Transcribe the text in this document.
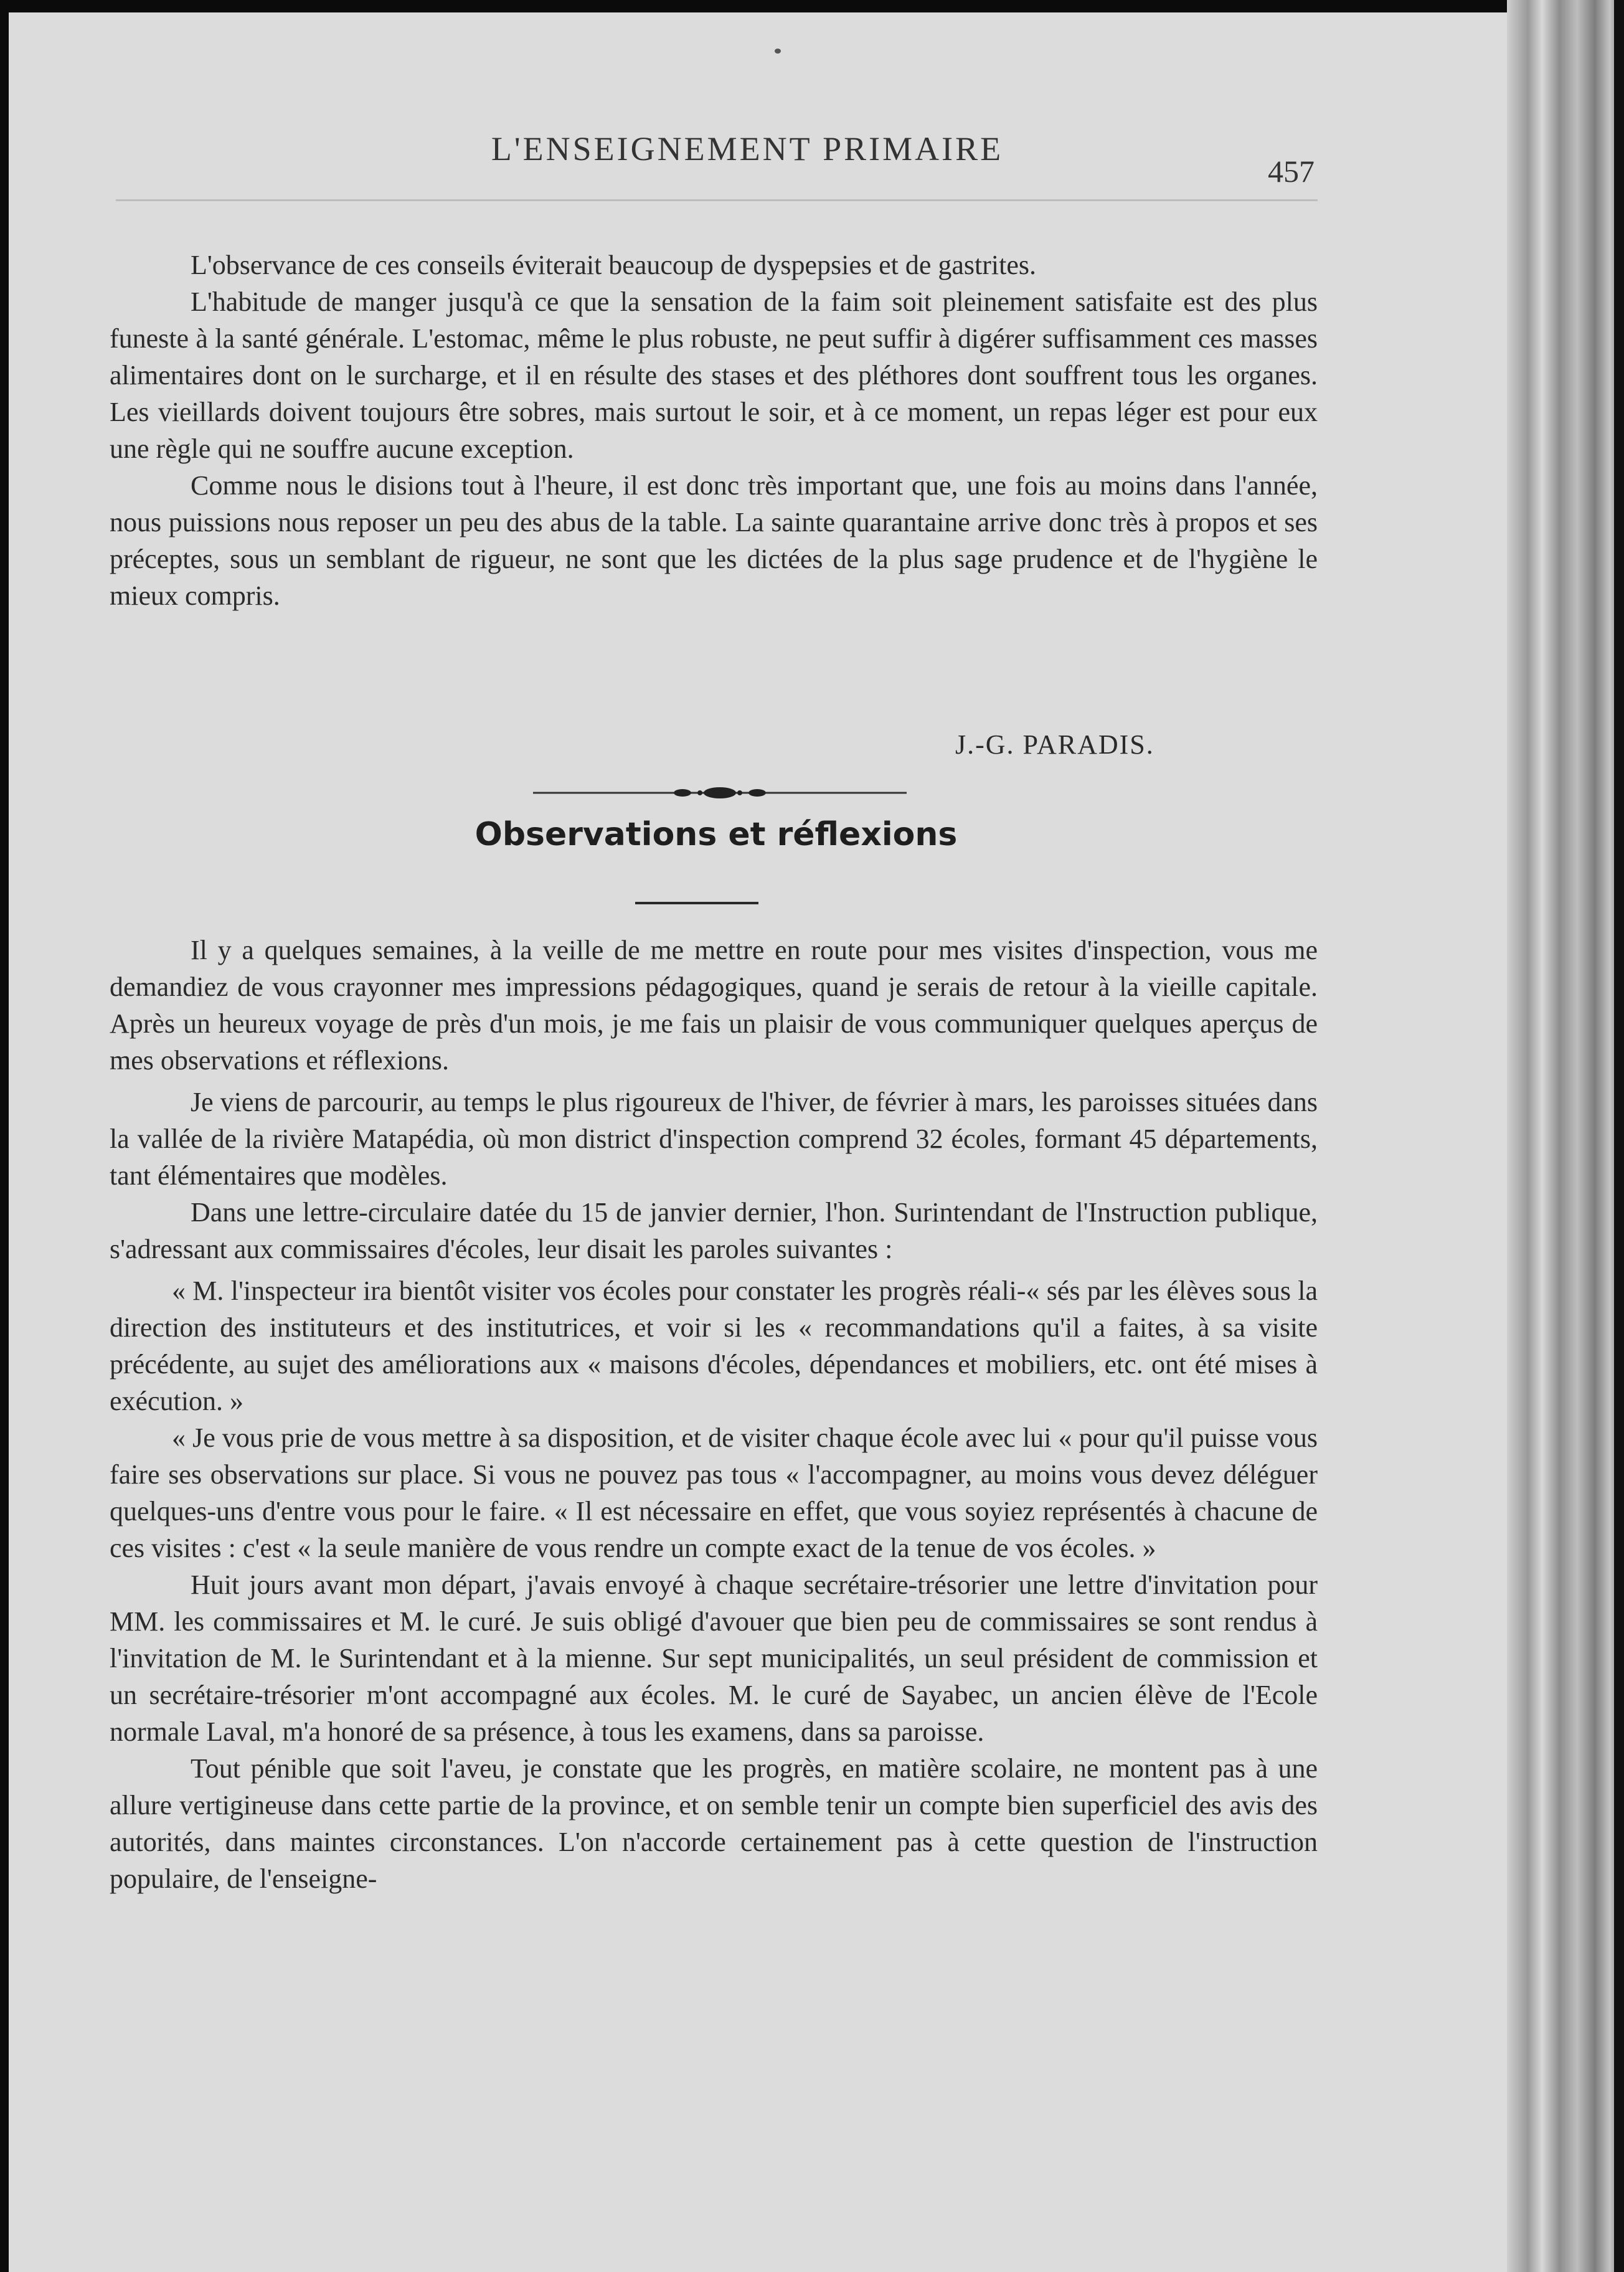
L'ENSEIGNEMENT PRIMAIRE
457

L'observance de ces conseils éviterait beaucoup de dyspepsies et de gastrites.

L'habitude de manger jusqu'à ce que la sensation de la faim soit pleinement satisfaite est des plus funeste à la santé générale. L'estomac, même le plus robuste, ne peut suffir à digérer suffisamment ces masses alimentaires dont on le surcharge, et il en résulte des stases et des pléthores dont souffrent tous les organes. Les vieillards doivent toujours être sobres, mais surtout le soir, et à ce moment, un repas léger est pour eux une règle qui ne souffre aucune exception.

Comme nous le disions tout à l'heure, il est donc très important que, une fois au moins dans l'année, nous puissions nous reposer un peu des abus de la table. La sainte quarantaine arrive donc très à propos et ses préceptes, sous un semblant de rigueur, ne sont que les dictées de la plus sage prudence et de l'hygiène le mieux compris.

J.-G. PARADIS.
Observations et réflexions

Il y a quelques semaines, à la veille de me mettre en route pour mes visites d'inspection, vous me demandiez de vous crayonner mes impressions pédagogiques, quand je serais de retour à la vieille capitale. Après un heureux voyage de près d'un mois, je me fais un plaisir de vous communiquer quelques aperçus de mes observations et réflexions.

Je viens de parcourir, au temps le plus rigoureux de l'hiver, de février à mars, les paroisses situées dans la vallée de la rivière Matapédia, où mon district d'inspection comprend 32 écoles, formant 45 départements, tant élémentaires que modèles.

Dans une lettre-circulaire datée du 15 de janvier dernier, l'hon. Surintendant de l'Instruction publique, s'adressant aux commissaires d'écoles, leur disait les paroles suivantes :

« M. l'inspecteur ira bientôt visiter vos écoles pour constater les progrès réali-« sés par les élèves sous la direction des instituteurs et des institutrices, et voir si les « recommandations qu'il a faites, à sa visite précédente, au sujet des améliorations aux « maisons d'écoles, dépendances et mobiliers, etc. ont été mises à exécution. »

« Je vous prie de vous mettre à sa disposition, et de visiter chaque école avec lui « pour qu'il puisse vous faire ses observations sur place. Si vous ne pouvez pas tous « l'accompagner, au moins vous devez déléguer quelques-uns d'entre vous pour le faire. « Il est nécessaire en effet, que vous soyiez représentés à chacune de ces visites : c'est « la seule manière de vous rendre un compte exact de la tenue de vos écoles. »

Huit jours avant mon départ, j'avais envoyé à chaque secrétaire-trésorier une lettre d'invitation pour MM. les commissaires et M. le curé. Je suis obligé d'avouer que bien peu de commissaires se sont rendus à l'invitation de M. le Surintendant et à la mienne. Sur sept municipalités, un seul président de commission et un secrétaire-trésorier m'ont accompagné aux écoles. M. le curé de Sayabec, un ancien élève de l'Ecole normale Laval, m'a honoré de sa présence, à tous les examens, dans sa paroisse.

Tout pénible que soit l'aveu, je constate que les progrès, en matière scolaire, ne montent pas à une allure vertigineuse dans cette partie de la province, et on semble tenir un compte bien superficiel des avis des autorités, dans maintes circonstances. L'on n'accorde certainement pas à cette question de l'instruction populaire, de l'enseigne-
